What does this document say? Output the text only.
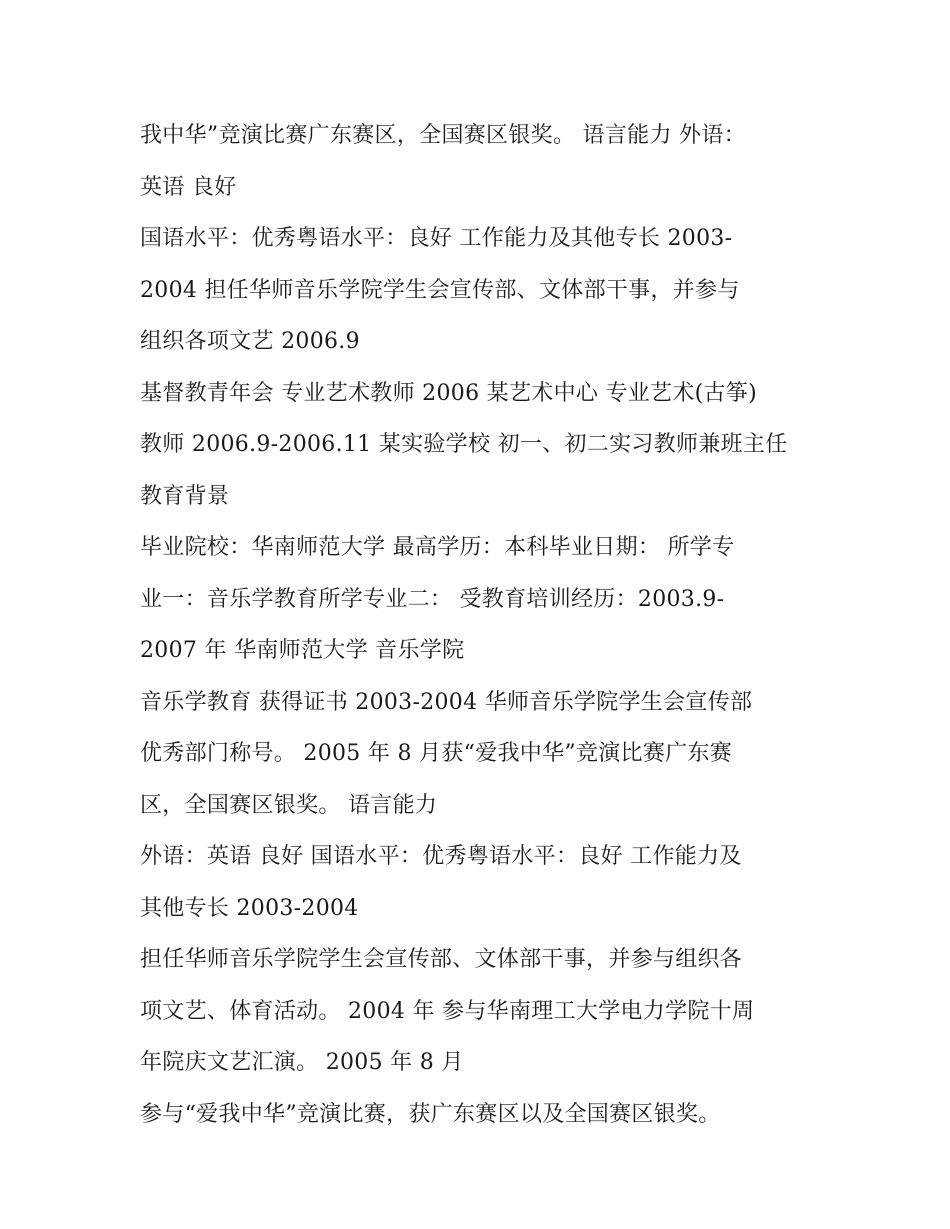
我中华”竞演比赛广东赛区，全国赛区银奖。 语言能力 外语：
英语 良好
国语水平：优秀粤语水平：良好 工作能力及其他专长 2003-
2004 担任华师音乐学院学生会宣传部、文体部干事，并参与
组织各项文艺 2006.9
基督教青年会 专业艺术教师 2006 某艺术中心 专业艺术(古筝)
教师 2006.9-2006.11 某实验学校 初一、初二实习教师兼班主任
教育背景
毕业院校：华南师范大学 最高学历：本科毕业日期： 所学专
业一：音乐学教育所学专业二： 受教育培训经历：2003.9-
2007 年 华南师范大学 音乐学院
音乐学教育 获得证书 2003-2004 华师音乐学院学生会宣传部
优秀部门称号。 2005 年 8 月获“爱我中华”竞演比赛广东赛
区，全国赛区银奖。 语言能力
外语：英语 良好 国语水平：优秀粤语水平：良好 工作能力及
其他专长 2003-2004
担任华师音乐学院学生会宣传部、文体部干事，并参与组织各
项文艺、体育活动。 2004 年 参与华南理工大学电力学院十周
年院庆文艺汇演。 2005 年 8 月
参与“爱我中华”竞演比赛，获广东赛区以及全国赛区银奖。
